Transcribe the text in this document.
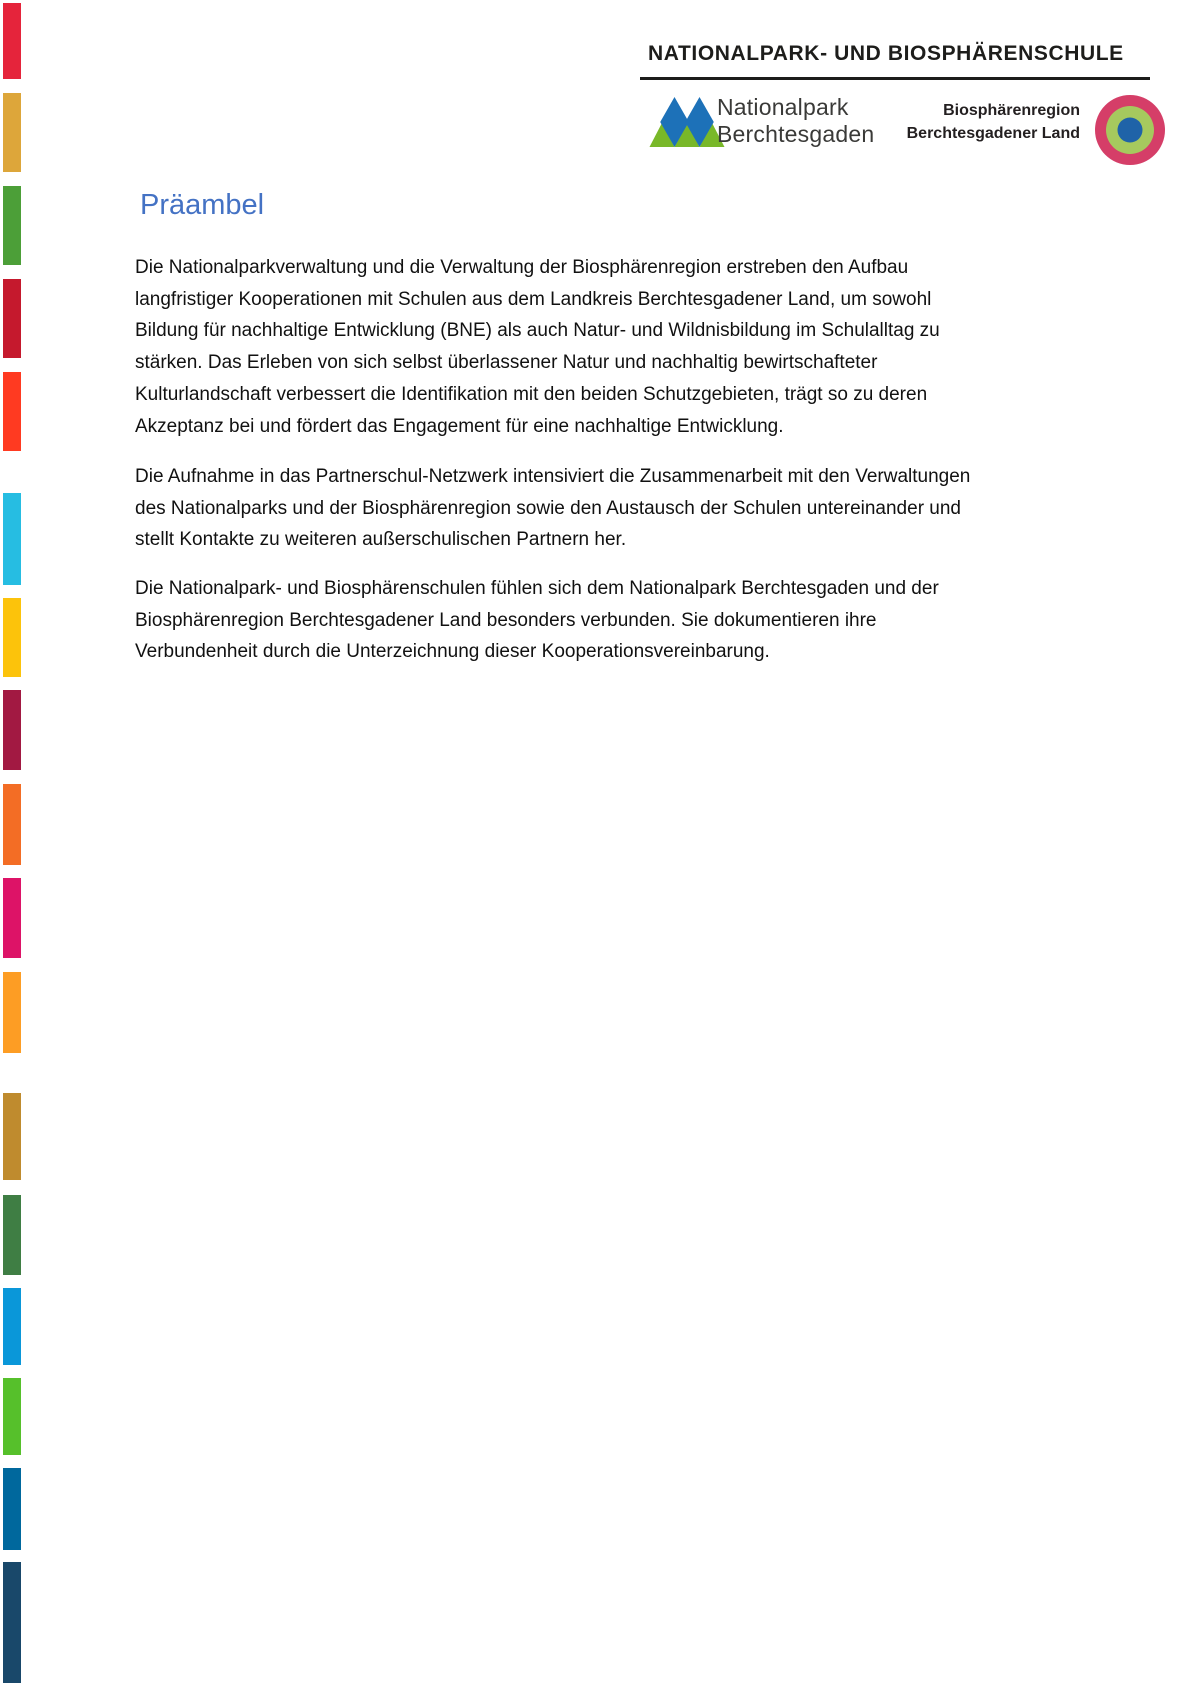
NATIONALPARK- UND BIOSPHÄRENSCHULE
Nationalpark
Berchtesgaden
Biosphärenregion
Berchtesgadener Land
Präambel
Die Nationalparkverwaltung und die Verwaltung der Biosphärenregion erstreben den Aufbau
langfristiger Kooperationen mit Schulen aus dem Landkreis Berchtesgadener Land, um sowohl
Bildung für nachhaltige Entwicklung (BNE) als auch Natur- und Wildnisbildung im Schulalltag zu
stärken. Das Erleben von sich selbst überlassener Natur und nachhaltig bewirtschafteter
Kulturlandschaft verbessert die Identifikation mit den beiden Schutzgebieten, trägt so zu deren
Akzeptanz bei und fördert das Engagement für eine nachhaltige Entwicklung.
Die Aufnahme in das Partnerschul-Netzwerk intensiviert die Zusammenarbeit mit den Verwaltungen
des Nationalparks und der Biosphärenregion sowie den Austausch der Schulen untereinander und
stellt Kontakte zu weiteren außerschulischen Partnern her.
Die Nationalpark- und Biosphärenschulen fühlen sich dem Nationalpark Berchtesgaden und der
Biosphärenregion Berchtesgadener Land besonders verbunden. Sie dokumentieren ihre
Verbundenheit durch die Unterzeichnung dieser Kooperationsvereinbarung.
